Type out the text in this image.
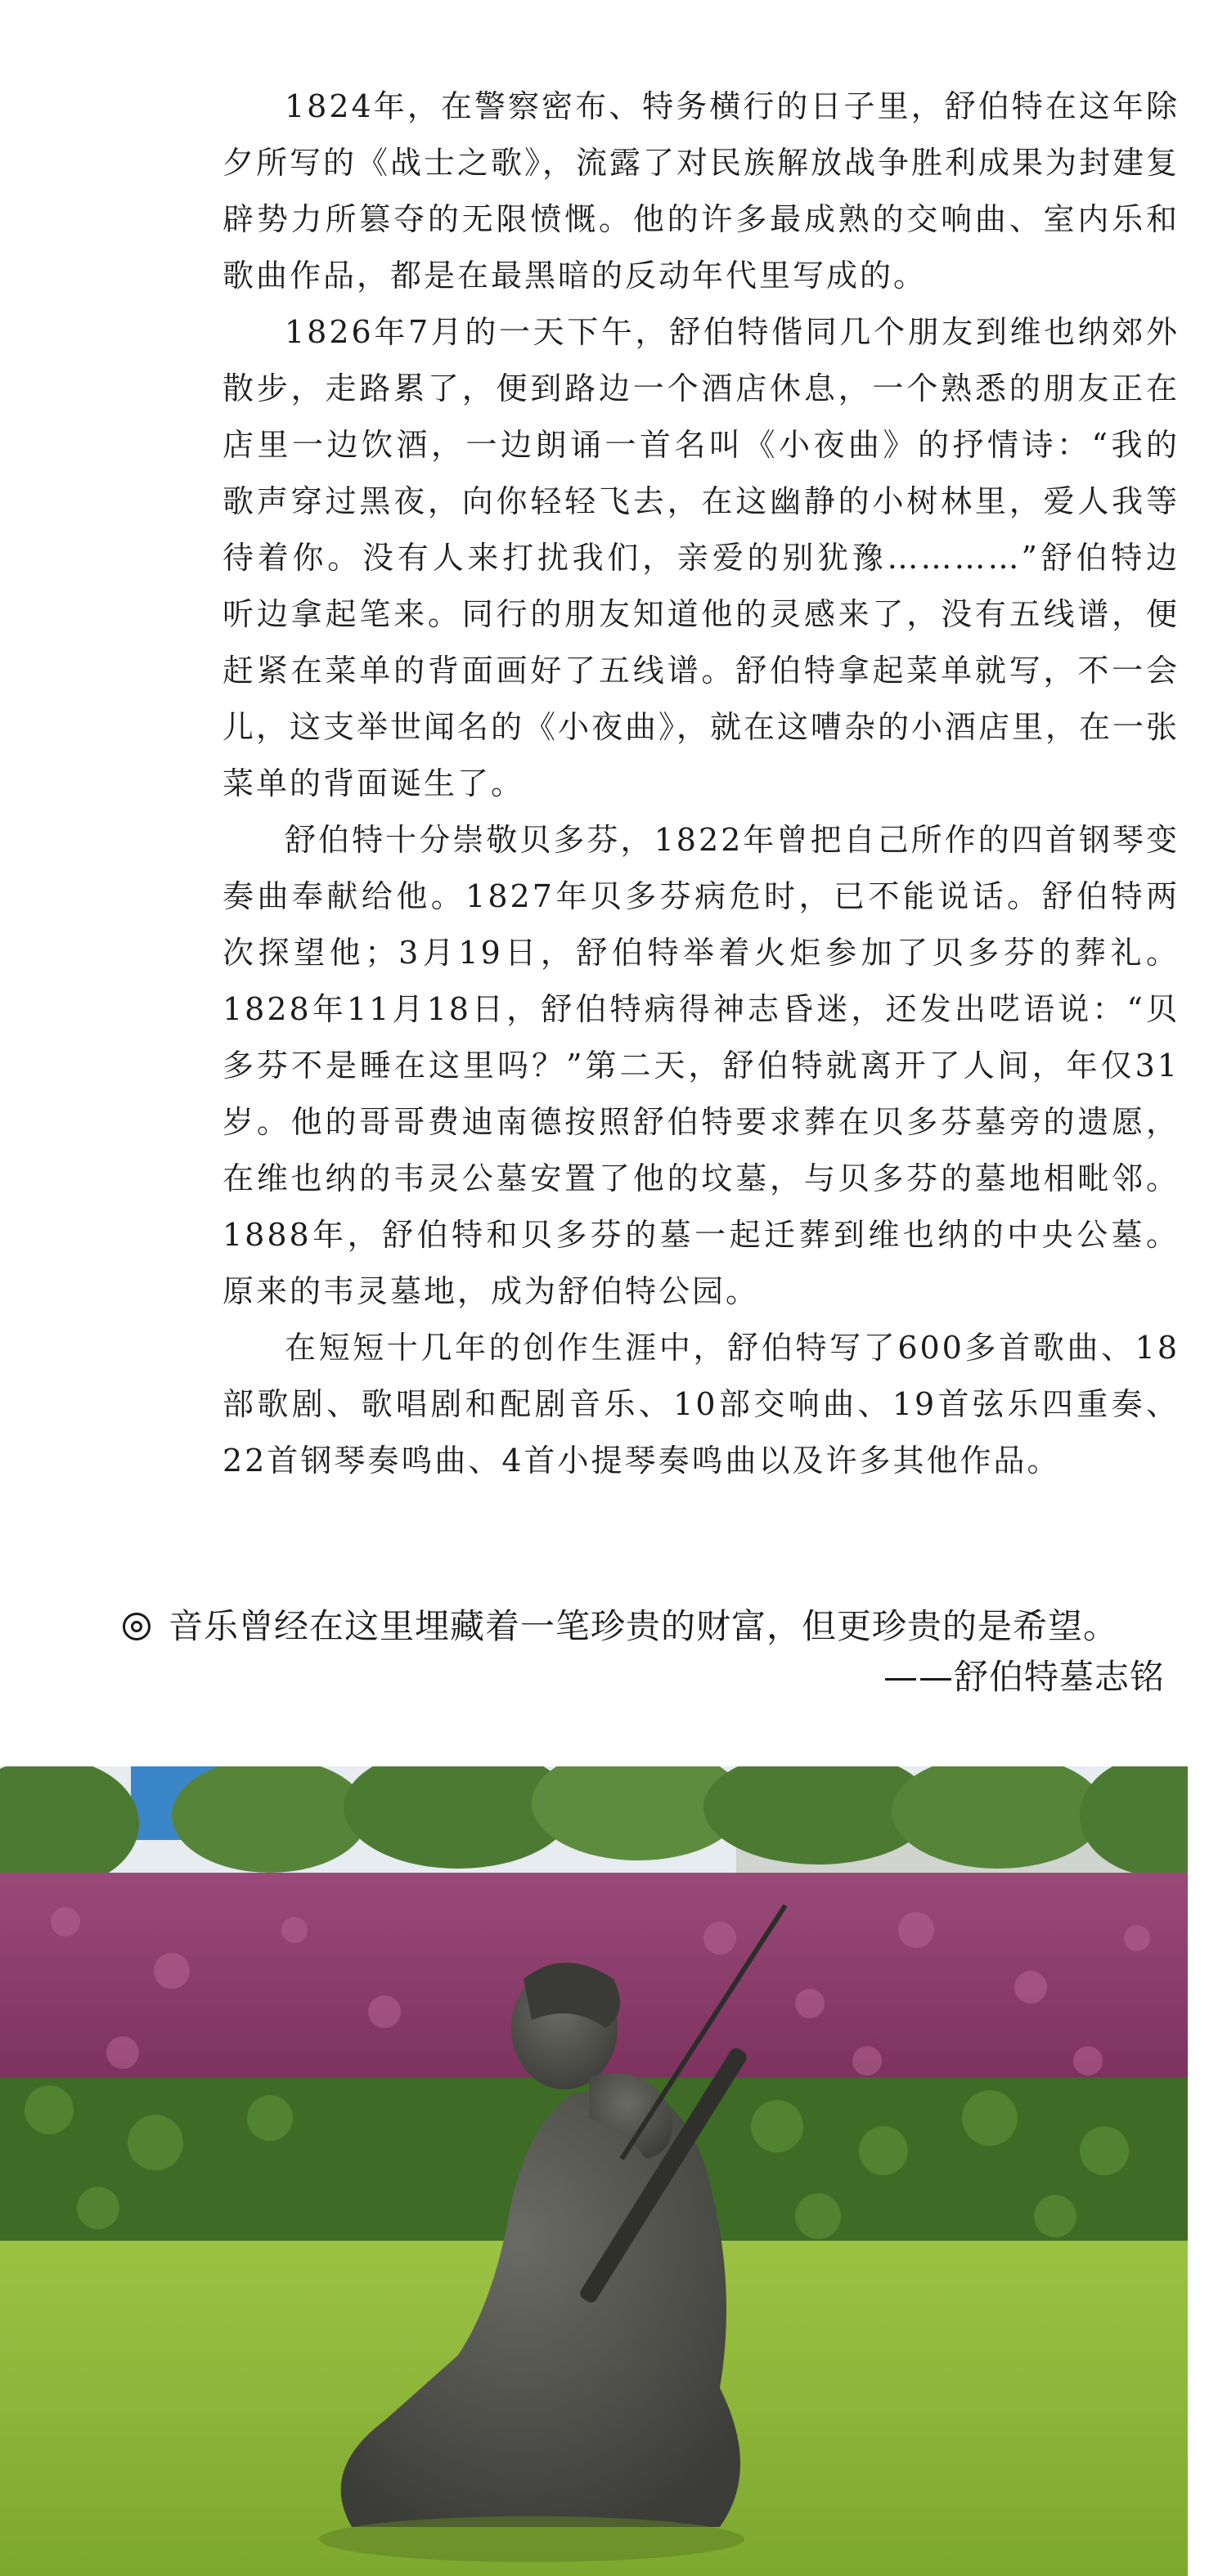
1824年，在警察密布、特务横行的日子里，舒伯特在这年除夕所写的《战士之歌》，流露了对民族解放战争胜利成果为封建复辟势力所篡夺的无限愤慨。他的许多最成熟的交响曲、室内乐和歌曲作品，都是在最黑暗的反动年代里写成的。

1826年7月的一天下午，舒伯特偕同几个朋友到维也纳郊外散步，走路累了，便到路边一个酒店休息，一个熟悉的朋友正在店里一边饮酒，一边朗诵一首名叫《小夜曲》的抒情诗：“我的歌声穿过黑夜，向你轻轻飞去，在这幽静的小树林里，爱人我等待着你。没有人来打扰我们，亲爱的别犹豫…………”舒伯特边听边拿起笔来。同行的朋友知道他的灵感来了，没有五线谱，便赶紧在菜单的背面画好了五线谱。舒伯特拿起菜单就写，不一会儿，这支举世闻名的《小夜曲》，就在这嘈杂的小酒店里，在一张菜单的背面诞生了。

舒伯特十分崇敬贝多芬，1822年曾把自己所作的四首钢琴变奏曲奉献给他。1827年贝多芬病危时，已不能说话。舒伯特两次探望他；3月19日，舒伯特举着火炬参加了贝多芬的葬礼。1828年11月18日，舒伯特病得神志昏迷，还发出呓语说：“贝多芬不是睡在这里吗？”第二天，舒伯特就离开了人间，年仅31岁。他的哥哥费迪南德按照舒伯特要求葬在贝多芬墓旁的遗愿，在维也纳的韦灵公墓安置了他的坟墓，与贝多芬的墓地相毗邻。1888年，舒伯特和贝多芬的墓一起迁葬到维也纳的中央公墓。原来的韦灵墓地，成为舒伯特公园。

在短短十几年的创作生涯中，舒伯特写了600多首歌曲、18部歌剧、歌唱剧和配剧音乐、10部交响曲、19首弦乐四重奏、22首钢琴奏鸣曲、4首小提琴奏鸣曲以及许多其他作品。

音乐曾经在这里埋藏着一笔珍贵的财富，但更珍贵的是希望。
——舒伯特墓志铭
